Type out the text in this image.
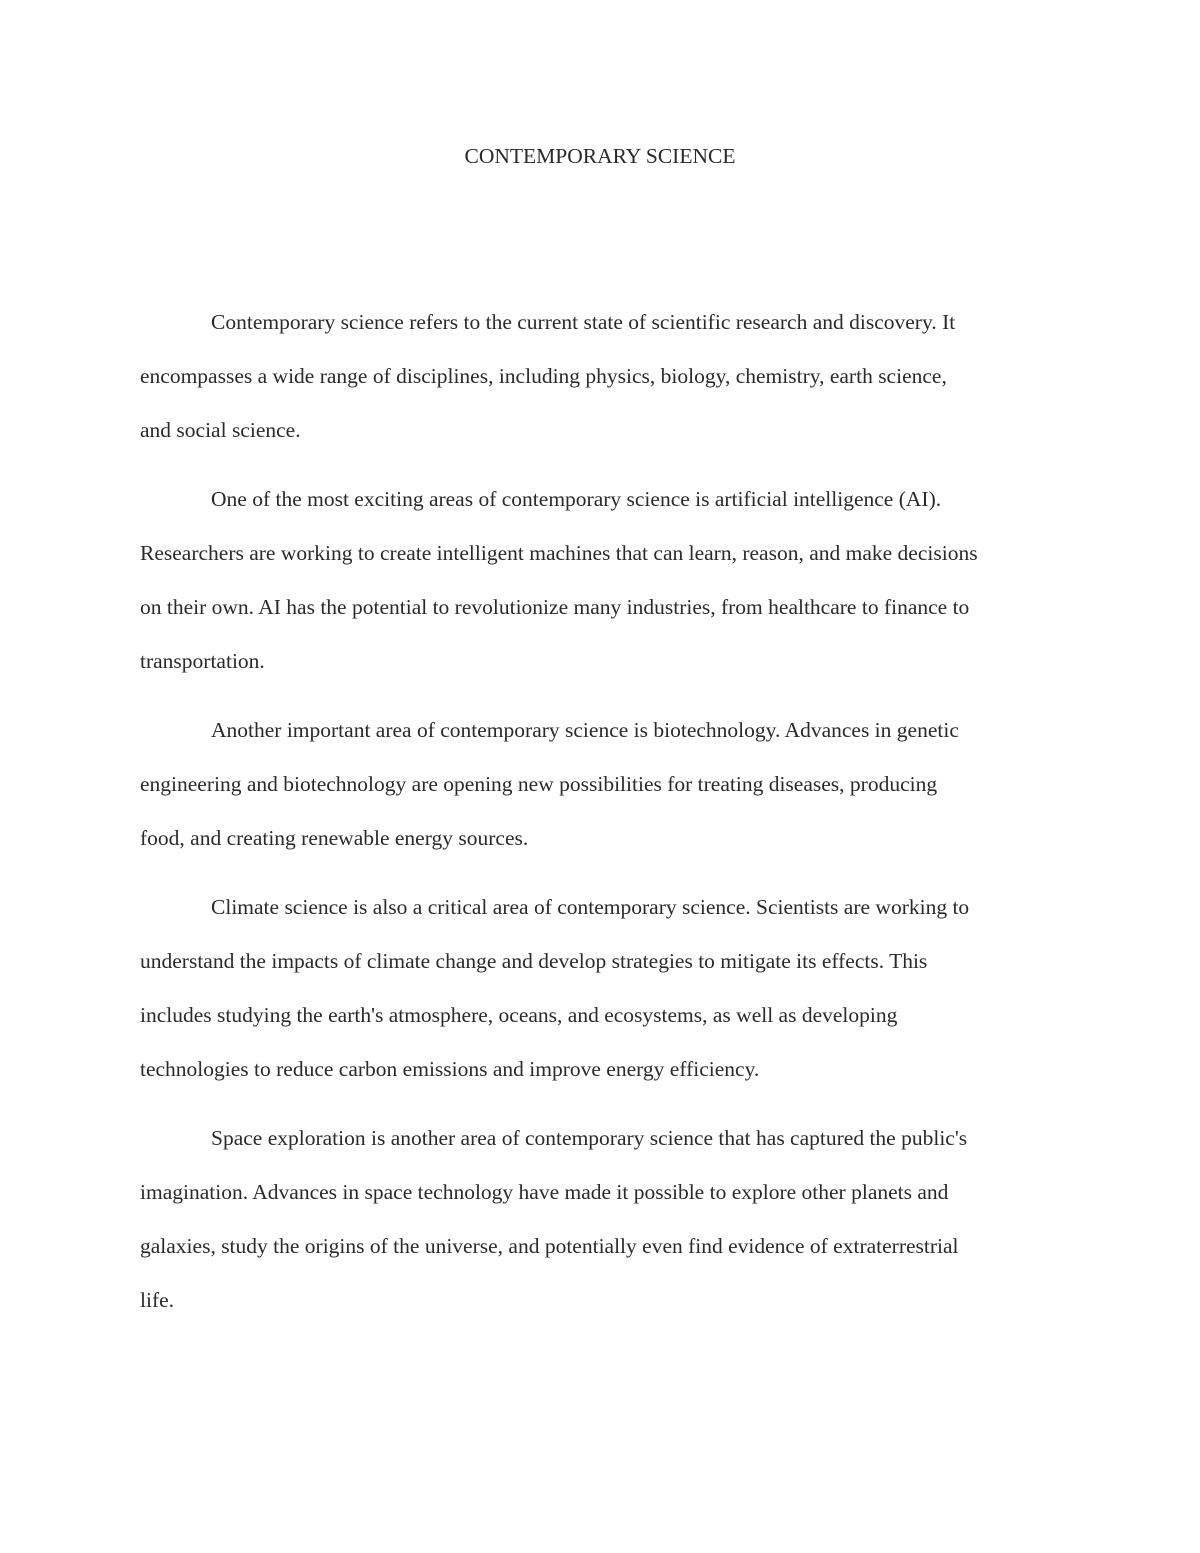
CONTEMPORARY SCIENCE

Contemporary science refers to the current state of scientific research and discovery. It
encompasses a wide range of disciplines, including physics, biology, chemistry, earth science,
and social science.

One of the most exciting areas of contemporary science is artificial intelligence (AI).
Researchers are working to create intelligent machines that can learn, reason, and make decisions
on their own. AI has the potential to revolutionize many industries, from healthcare to finance to
transportation.

Another important area of contemporary science is biotechnology. Advances in genetic
engineering and biotechnology are opening new possibilities for treating diseases, producing
food, and creating renewable energy sources.

Climate science is also a critical area of contemporary science. Scientists are working to
understand the impacts of climate change and develop strategies to mitigate its effects. This
includes studying the earth's atmosphere, oceans, and ecosystems, as well as developing
technologies to reduce carbon emissions and improve energy efficiency.

Space exploration is another area of contemporary science that has captured the public's
imagination. Advances in space technology have made it possible to explore other planets and
galaxies, study the origins of the universe, and potentially even find evidence of extraterrestrial
life.
